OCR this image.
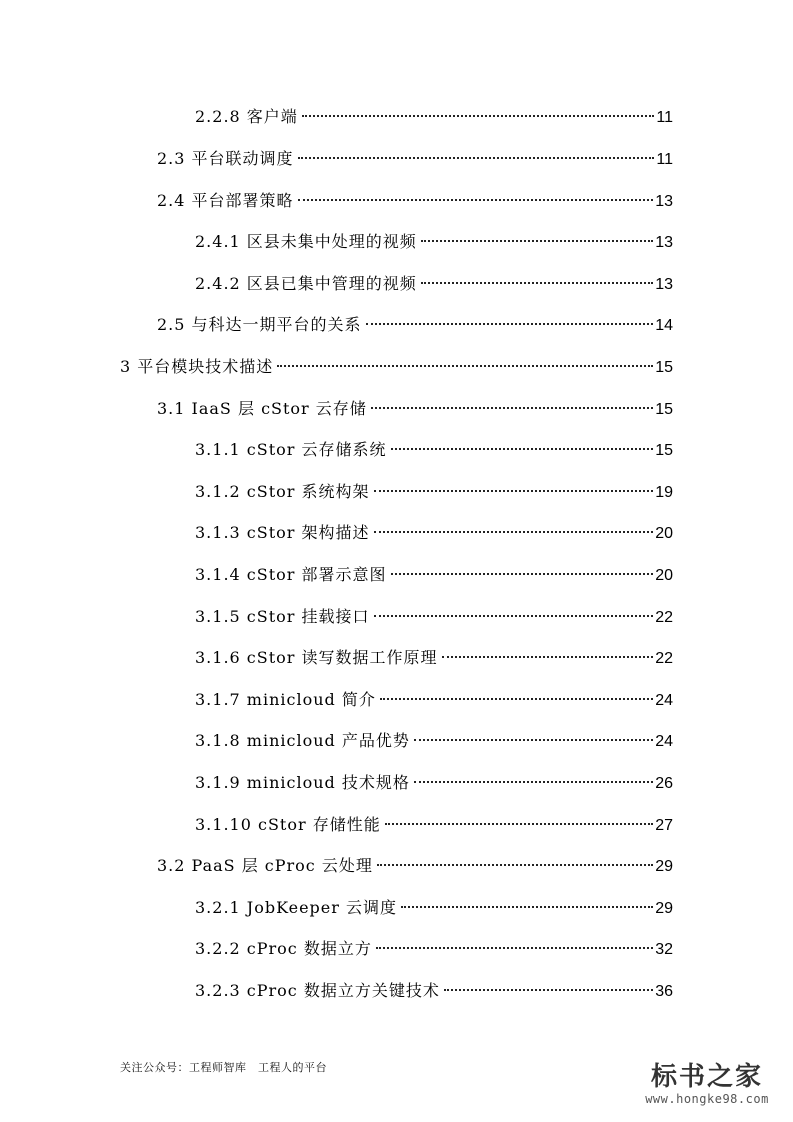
2.2.8 客户端	11
2.3 平台联动调度	11
2.4 平台部署策略	13
2.4.1 区县未集中处理的视频	13
2.4.2 区县已集中管理的视频	13
2.5 与科达一期平台的关系	14
3 平台模块技术描述	15
3.1 IaaS 层 cStor 云存储	15
3.1.1 cStor 云存储系统	15
3.1.2 cStor 系统构架	19
3.1.3 cStor 架构描述	20
3.1.4 cStor 部署示意图	20
3.1.5 cStor 挂载接口	22
3.1.6 cStor 读写数据工作原理	22
3.1.7 minicloud 简介	24
3.1.8 minicloud 产品优势	24
3.1.9 minicloud 技术规格	26
3.1.10 cStor 存储性能	27
3.2 PaaS 层 cProc 云处理	29
3.2.1 JobKeeper 云调度	29
3.2.2 cProc 数据立方	32
3.2.3 cProc 数据立方关键技术	36
关注公众号：工程师智库　工程人的平台	标书之家
www.hongke98.com
